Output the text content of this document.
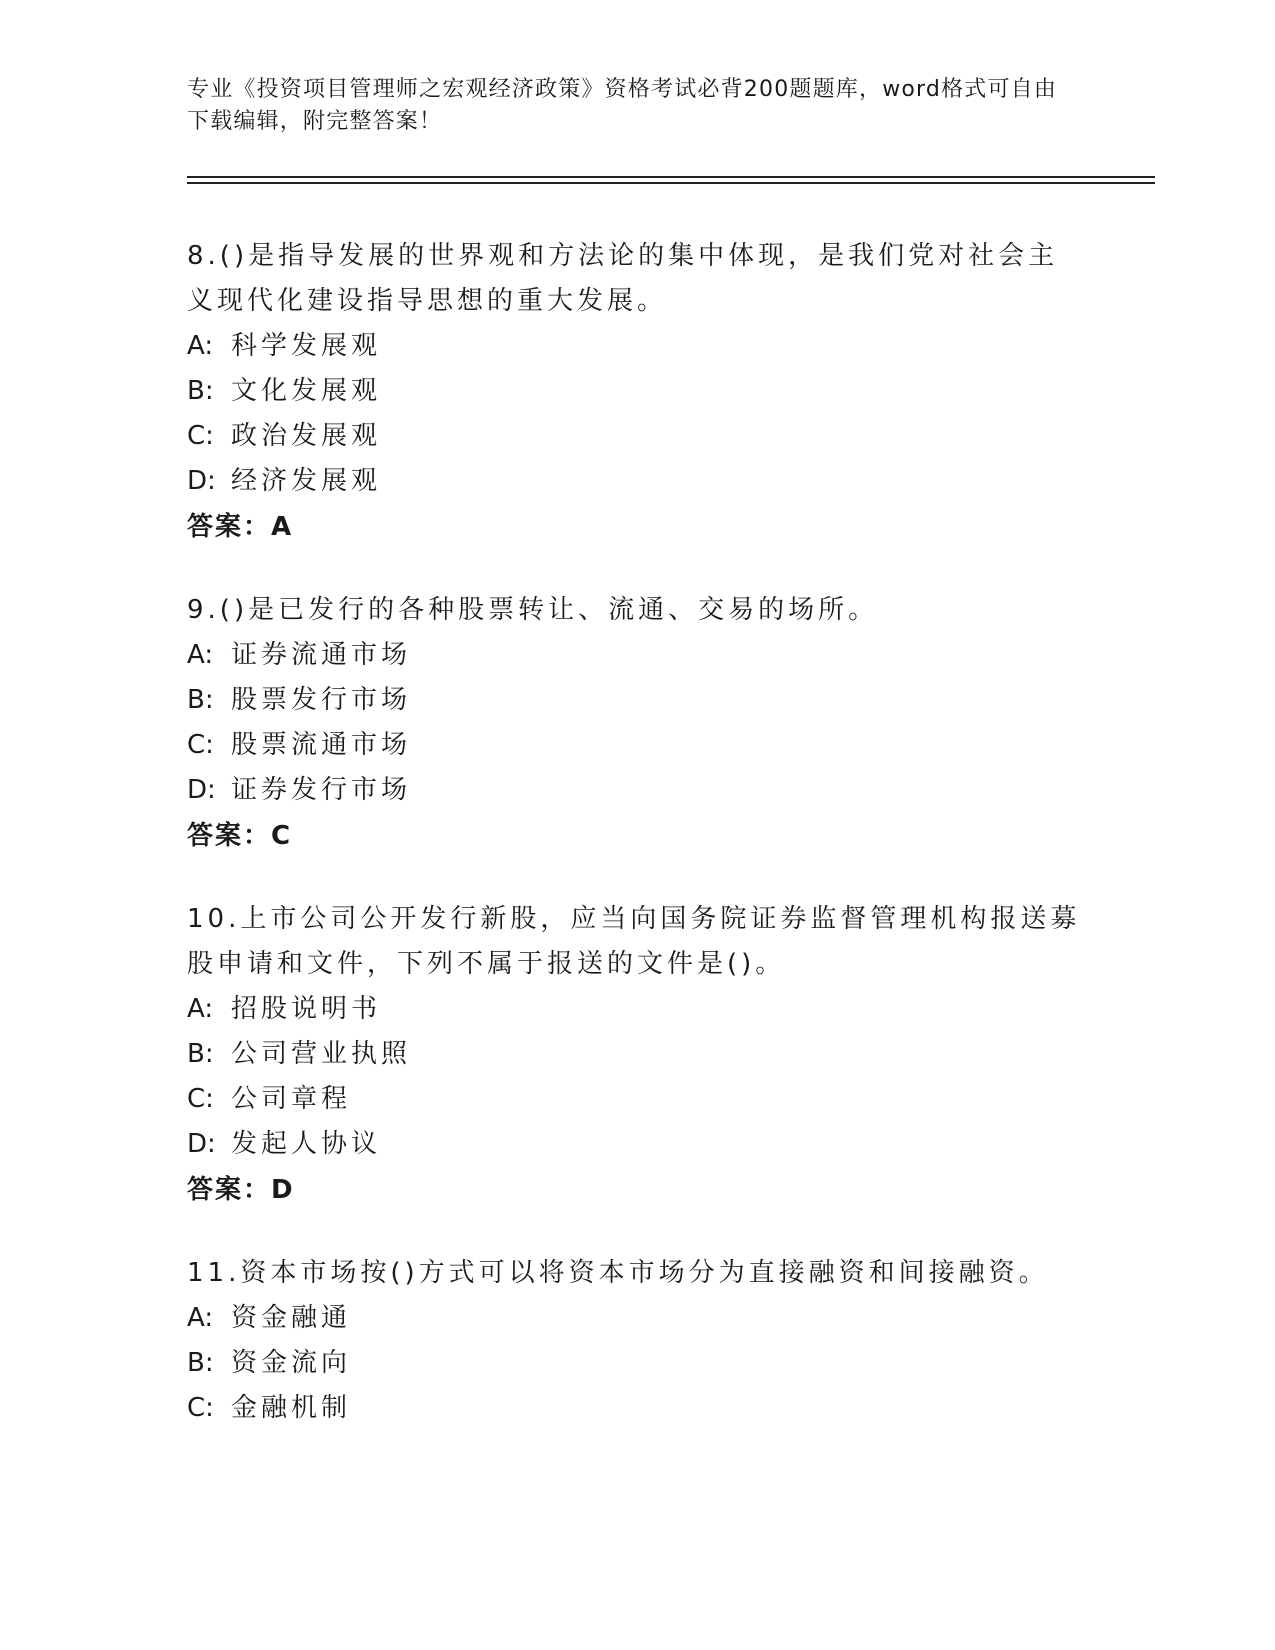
专业《投资项目管理师之宏观经济政策》资格考试必背200题题库，word格式可自由下载编辑，附完整答案！
8.()是指导发展的世界观和方法论的集中体现，是我们党对社会主义现代化建设指导思想的重大发展。
A: 科学发展观
B: 文化发展观
C: 政治发展观
D: 经济发展观
答案：A
9.()是已发行的各种股票转让、流通、交易的场所。
A: 证券流通市场
B: 股票发行市场
C: 股票流通市场
D: 证券发行市场
答案：C
10.上市公司公开发行新股，应当向国务院证券监督管理机构报送募股申请和文件，下列不属于报送的文件是()。
A: 招股说明书
B: 公司营业执照
C: 公司章程
D: 发起人协议
答案：D
11.资本市场按()方式可以将资本市场分为直接融资和间接融资。
A: 资金融通
B: 资金流向
C: 金融机制
